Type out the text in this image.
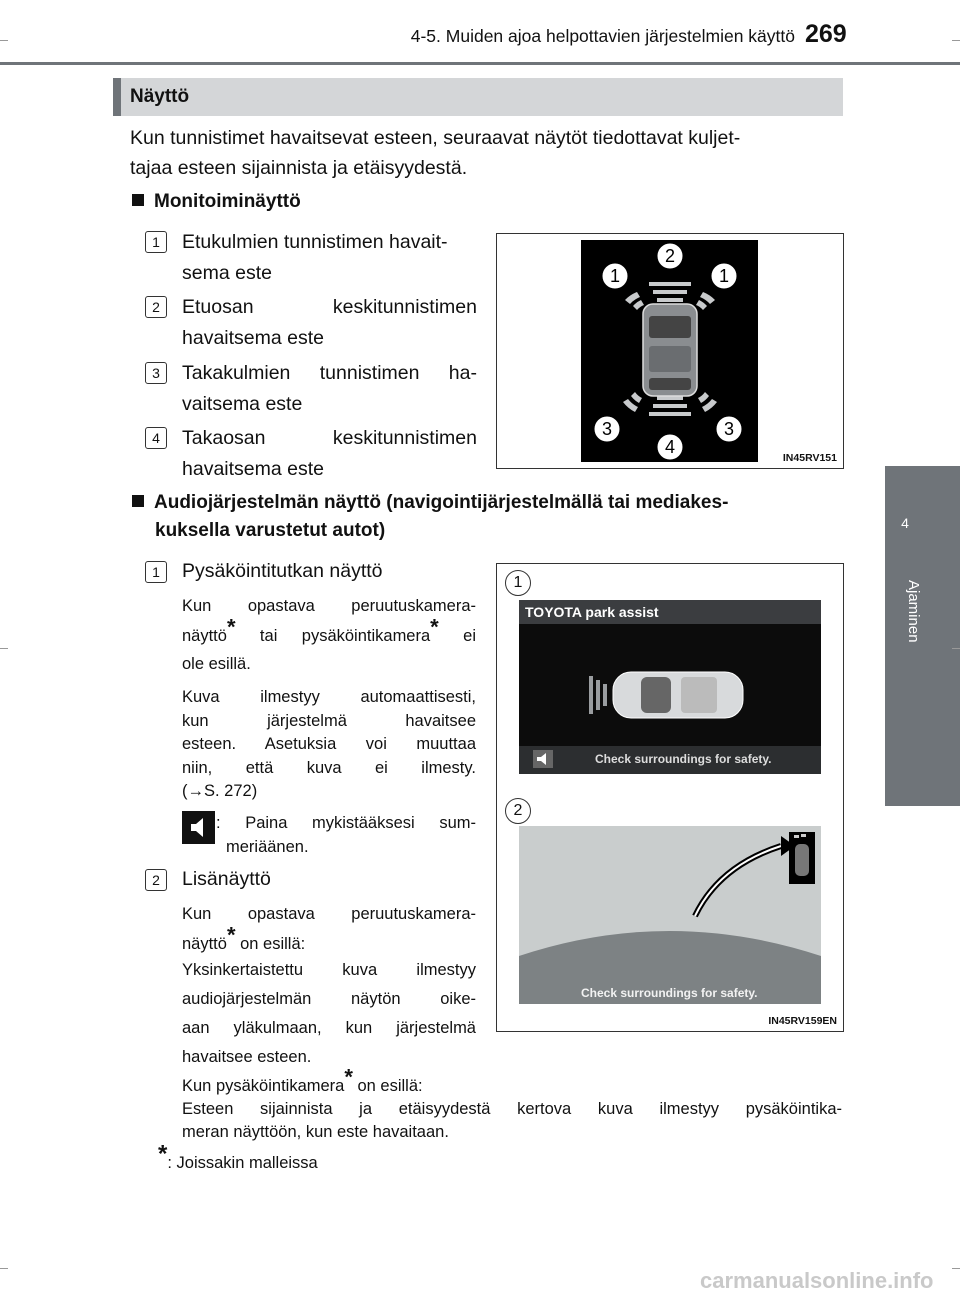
4-5. Muiden ajoa helpottavien järjestelmien käyttö 269
4
Ajaminen
Näyttö
Kun tunnistimet havaitsevat esteen, seuraavat näytöt tiedottavat kuljet-
tajaa esteen sijainnista ja etäisyydestä.
Monitoiminäyttö
1	Etukulmien tunnistimen havait-
sema este
2	Etuosan keskitunnistimen
havaitsema este
3	Takakulmien tunnistimen ha-
vaitsema este
4	Takaosan keskitunnistimen
havaitsema este
1
2
1
3
4
3
IN45RV151
Audiojärjestelmän näyttö (navigointijärjestelmällä tai mediakes-
kuksella varustetut autot)
1	Pysäköintitutkan näyttö
Kun opastava peruutuskamera-
näyttö* tai pysäköintikamera* ei
ole esillä.
Kuva ilmestyy automaattisesti,
kun järjestelmä havaitsee
esteen. Asetuksia voi muuttaa
niin, että kuva ei ilmesty.
(→S. 272)
: Paina mykistääksesi sum-
meriäänen.
2	Lisänäyttö
Kun opastava peruutuskamera-
näyttö* on esillä:
Yksinkertaistettu kuva ilmestyy
audiojärjestelmän näytön oike-
aan yläkulmaan, kun järjestelmä
havaitsee esteen.
1
TOYOTA park assist
Check surroundings for safety.
2
Check surroundings for safety.
IN45RV159EN
Kun pysäköintikamera* on esillä:
Esteen sijainnista ja etäisyydestä kertova kuva ilmestyy pysäköintika-
meran näyttöön, kun este havaitaan.
*: Joissakin malleissa
carmanualsonline.info
